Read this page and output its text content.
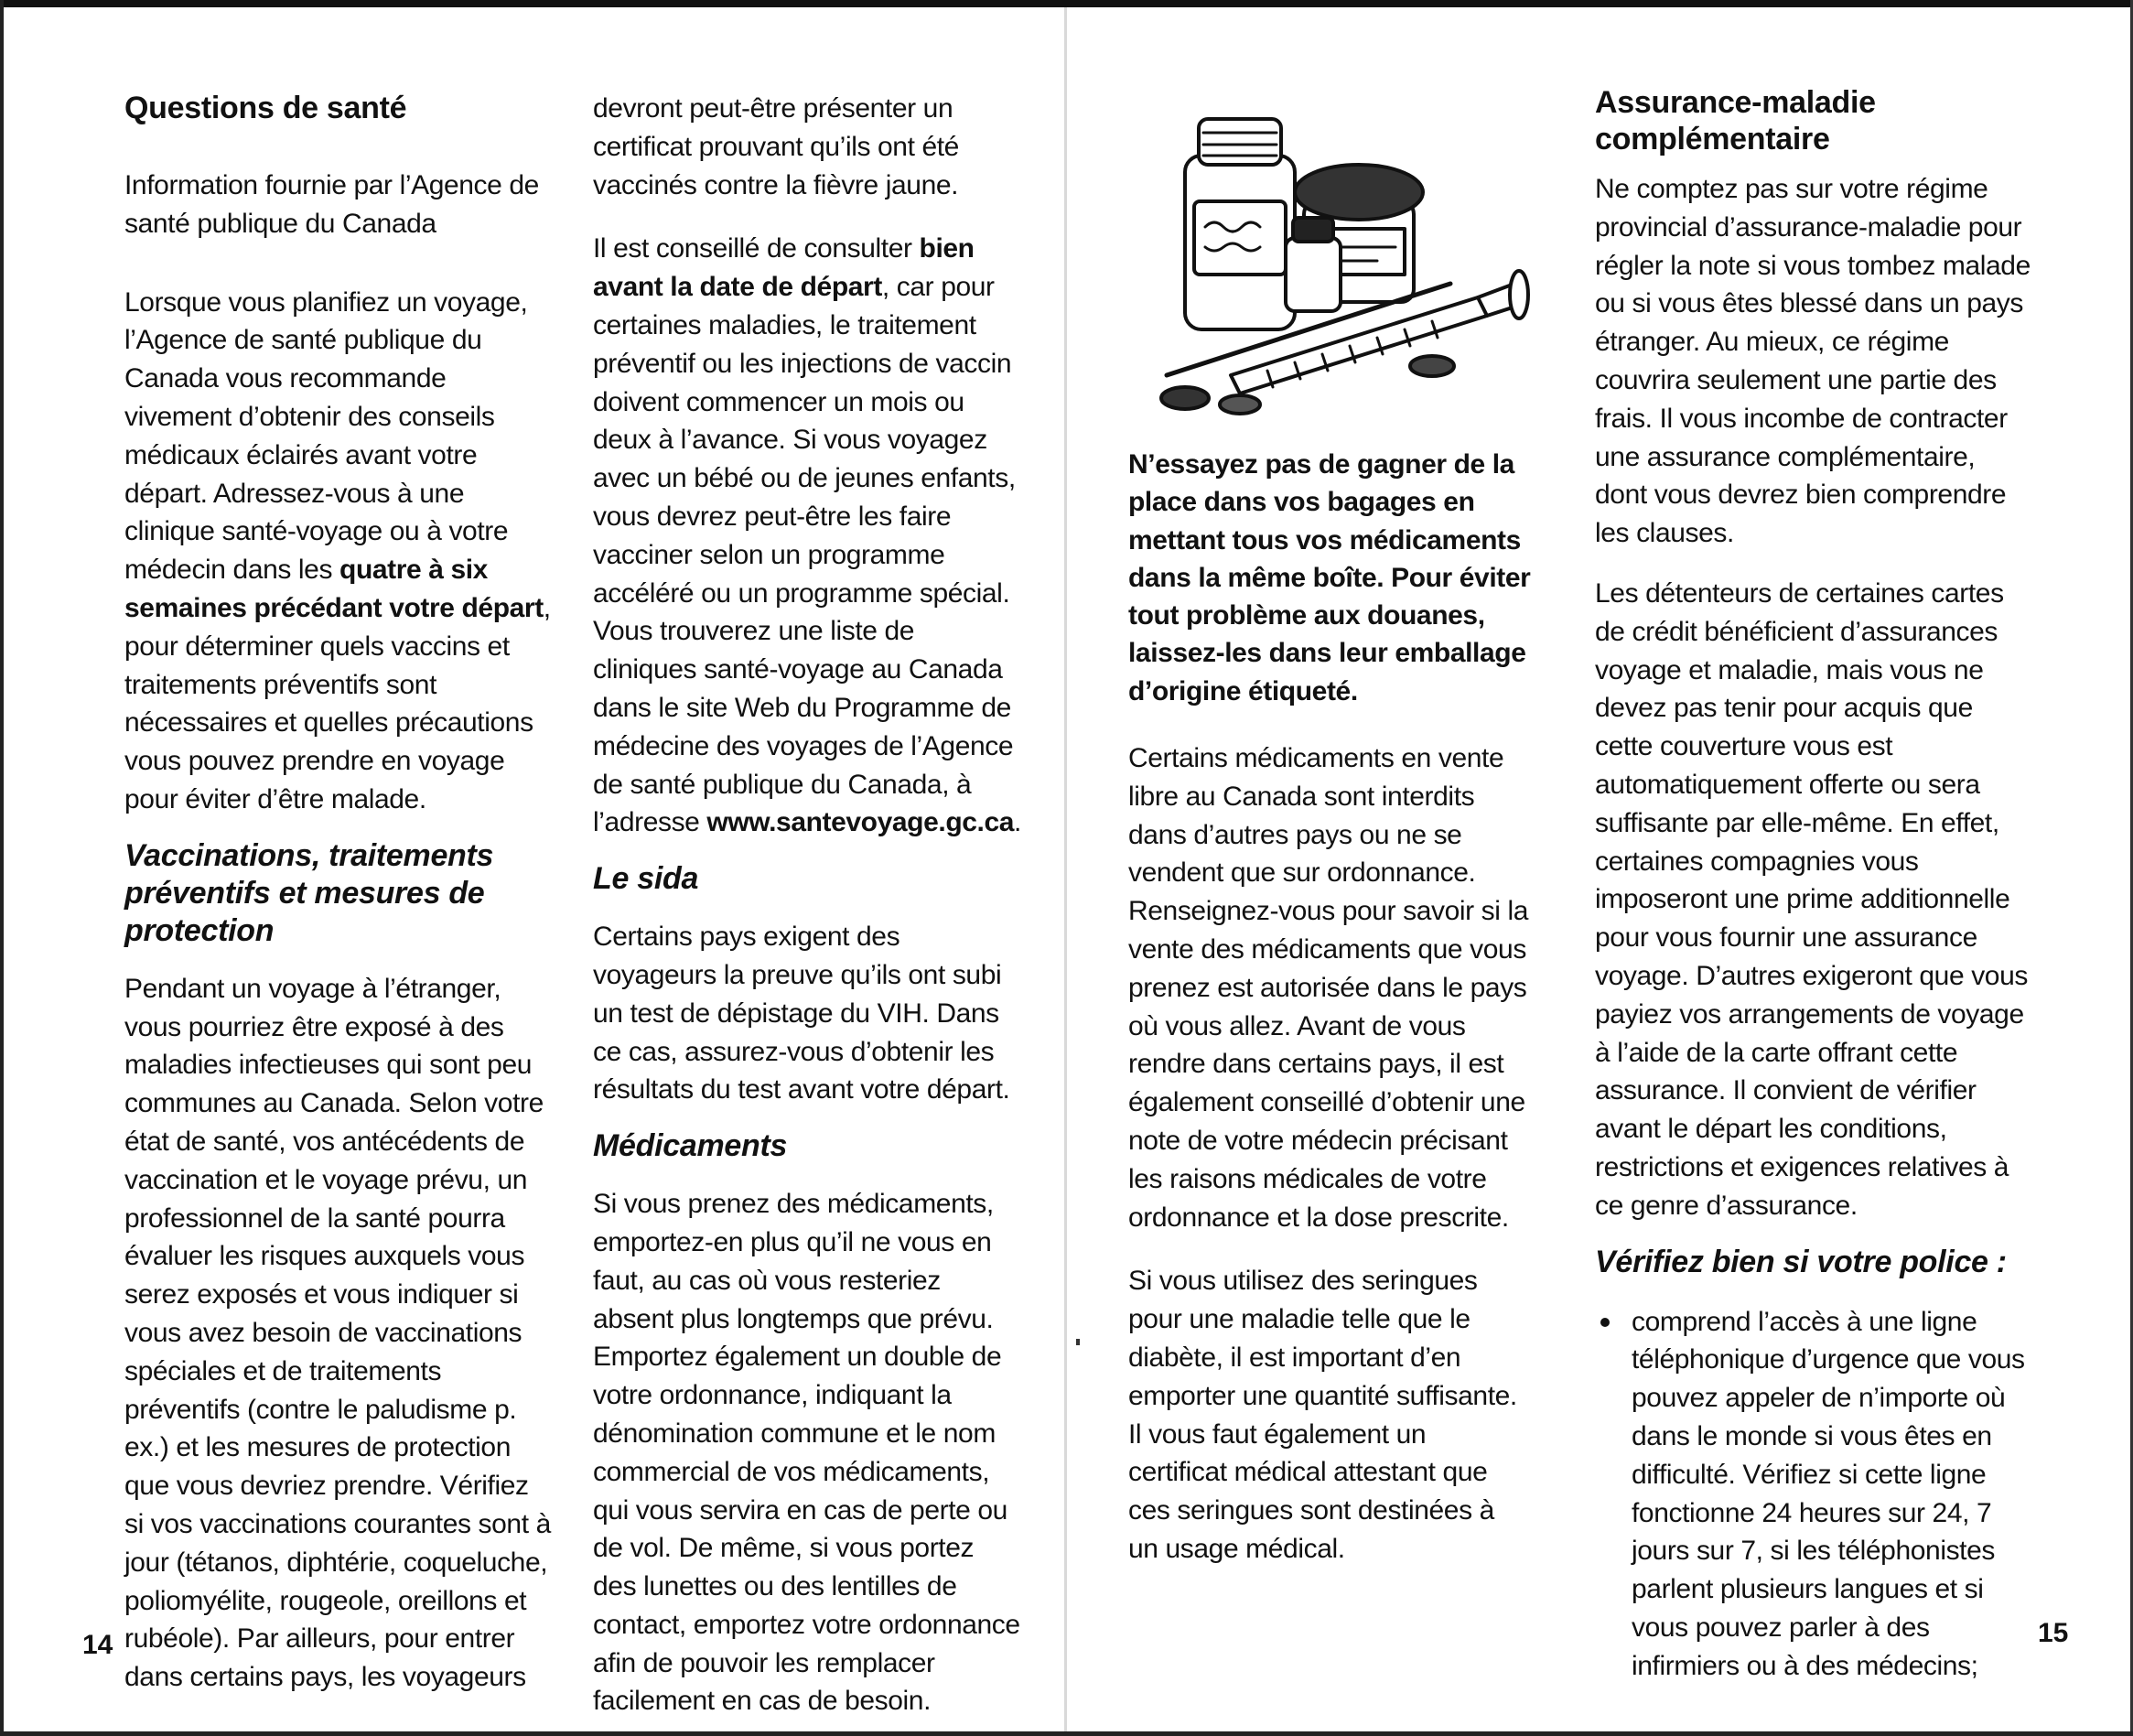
Questions de santé

Information fournie par l’Agence de santé publique du Canada

Lorsque vous planifiez un voyage, l’Agence de santé publique du Canada vous recommande vivement d’obtenir des conseils médicaux éclairés avant votre départ. Adressez-vous à une clinique santé-voyage ou à votre médecin dans les quatre à six semaines précédant votre départ, pour déterminer quels vaccins et traitements préventifs sont nécessaires et quelles précautions vous pouvez prendre en voyage pour éviter d’être malade.

Vaccinations, traitements préventifs et mesures de protection

Pendant un voyage à l’étranger, vous pourriez être exposé à des maladies infectieuses qui sont peu communes au Canada. Selon votre état de santé, vos antécédents de vaccination et le voyage prévu, un professionnel de la santé pourra évaluer les risques auxquels vous serez exposés et vous indiquer si vous avez besoin de vaccinations spéciales et de traitements préventifs (contre le paludisme p. ex.) et les mesures de protection que vous devriez prendre. Vérifiez si vos vaccinations courantes sont à jour (tétanos, diphtérie, coqueluche, poliomyélite, rougeole, oreillons et rubéole). Par ailleurs, pour entrer dans certains pays, les voyageurs

devront peut-être présenter un certificat prouvant qu’ils ont été vaccinés contre la fièvre jaune.

Il est conseillé de consulter bien avant la date de départ, car pour certaines maladies, le traitement préventif ou les injections de vaccin doivent commencer un mois ou deux à l’avance. Si vous voyagez avec un bébé ou de jeunes enfants, vous devrez peut-être les faire vacciner selon un programme accéléré ou un programme spécial. Vous trouverez une liste de cliniques santé-voyage au Canada dans le site Web du Programme de médecine des voyages de l’Agence de santé publique du Canada, à l’adresse www.santevoyage.gc.ca.

Le sida

Certains pays exigent des voyageurs la preuve qu’ils ont subi un test de dépistage du VIH. Dans ce cas, assurez-vous d’obtenir les résultats du test avant votre départ.

Médicaments

Si vous prenez des médicaments, emportez-en plus qu’il ne vous en faut, au cas où vous resteriez absent plus longtemps que prévu. Emportez également un double de votre ordonnance, indiquant la dénomination commune et le nom commercial de vos médicaments, qui vous servira en cas de perte ou de vol. De même, si vous portez des lunettes ou des lentilles de contact, emportez votre ordonnance afin de pouvoir les remplacer facilement en cas de besoin.

N’essayez pas de gagner de la place dans vos bagages en mettant tous vos médicaments dans la même boîte. Pour éviter tout problème aux douanes, laissez-les dans leur emballage d’origine étiqueté.

Certains médicaments en vente libre au Canada sont interdits dans d’autres pays ou ne se vendent que sur ordonnance. Renseignez-vous pour savoir si la vente des médicaments que vous prenez est autorisée dans le pays où vous allez. Avant de vous rendre dans certains pays, il est également conseillé d’obtenir une note de votre médecin précisant les raisons médicales de votre ordonnance et la dose prescrite.

Si vous utilisez des seringues pour une maladie telle que le diabète, il est important d’en emporter une quantité suffisante. Il vous faut également un certificat médical attestant que ces seringues sont destinées à un usage médical.

Assurance-maladie complémentaire

Ne comptez pas sur votre régime provincial d’assurance-maladie pour régler la note si vous tombez malade ou si vous êtes blessé dans un pays étranger. Au mieux, ce régime couvrira seulement une partie des frais. Il vous incombe de contracter une assurance complémentaire, dont vous devrez bien comprendre les clauses.

Les détenteurs de certaines cartes de crédit bénéficient d’assurances voyage et maladie, mais vous ne devez pas tenir pour acquis que cette couverture vous est automatiquement offerte ou sera suffisante par elle-même. En effet, certaines compagnies vous imposeront une prime additionnelle pour vous fournir une assurance voyage. D’autres exigeront que vous payiez vos arrangements de voyage à l’aide de la carte offrant cette assurance. Il convient de vérifier avant le départ les conditions, restrictions et exigences relatives à ce genre d’assurance.

Vérifiez bien si votre police :
comprend l’accès à une ligne téléphonique d’urgence que vous pouvez appeler de n’importe où dans le monde si vous êtes en difficulté. Vérifiez si cette ligne fonctionne 24 heures sur 24, 7 jours sur 7, si les téléphonistes parlent plusieurs langues et si vous pouvez parler à des infirmiers ou à des médecins;
14	15
